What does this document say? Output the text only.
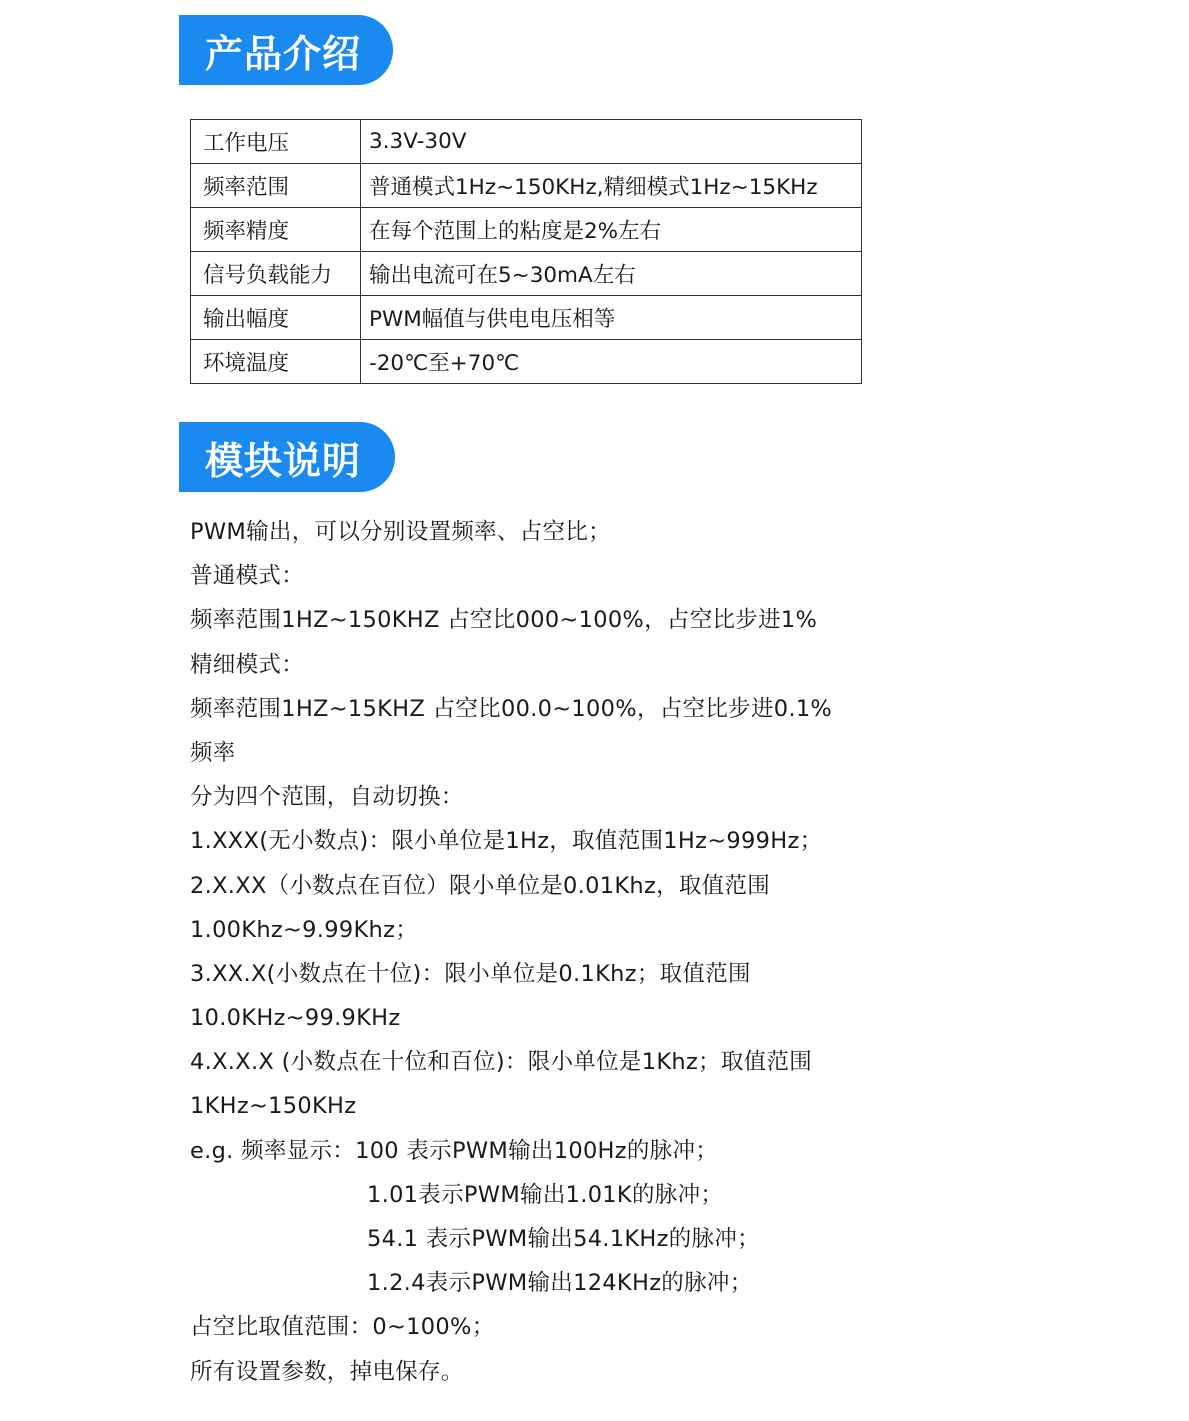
产品介绍
工作电压	3.3V-30V
频率范围	普通模式1Hz~150KHz,精细模式1Hz~15KHz
频率精度	在每个范围上的粘度是2%左右
信号负载能力	输出电流可在5~30mA左右
输出幅度	PWM幅值与供电电压相等
环境温度	-20℃至+70℃
模块说明
PWM输出，可以分别设置频率、占空比；
普通模式：
频率范围1HZ~150KHZ 占空比000~100%，占空比步进1%
精细模式：
频率范围1HZ~15KHZ 占空比00.0~100%，占空比步进0.1%
频率
分为四个范围，自动切换：
1.XXX(无小数点)：限小单位是1Hz，取值范围1Hz~999Hz；
2.X.XX（小数点在百位）限小单位是0.01Khz，取值范围
1.00Khz~9.99Khz；
3.XX.X(小数点在十位)：限小单位是0.1Khz；取值范围
10.0KHz~99.9KHz
4.X.X.X (小数点在十位和百位)：限小单位是1Khz；取值范围
1KHz~150KHz
e.g. 频率显示：100 表示PWM输出100Hz的脉冲；
1.01表示PWM输出1.01K的脉冲；
54.1 表示PWM输出54.1KHz的脉冲；
1.2.4表示PWM输出124KHz的脉冲；
占空比取值范围：0~100%；
所有设置参数，掉电保存。
